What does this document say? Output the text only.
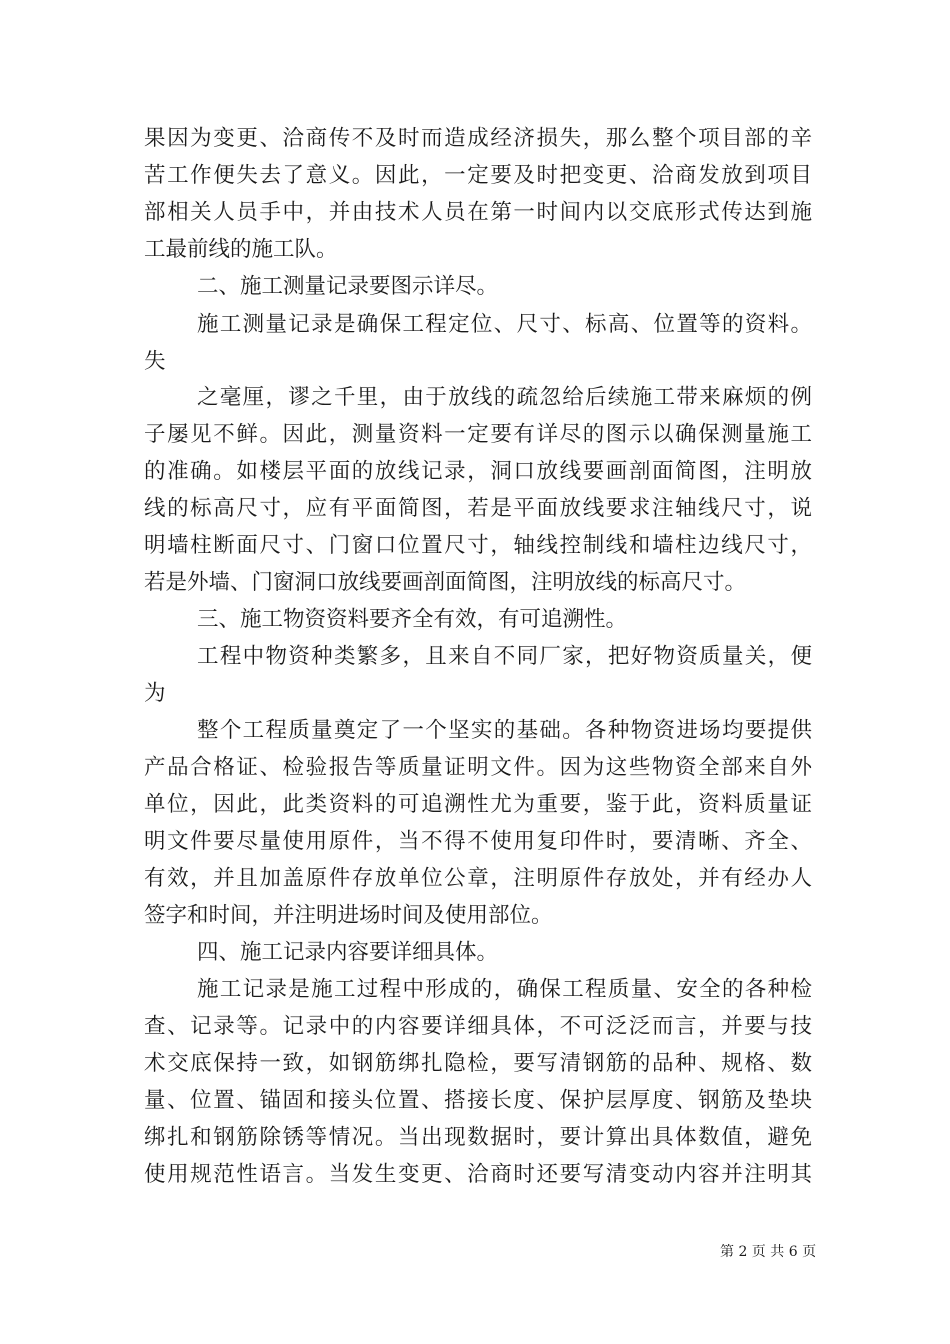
果因为变更、洽商传不及时而造成经济损失，那么整个项目部的辛
苦工作便失去了意义。因此，一定要及时把变更、洽商发放到项目
部相关人员手中，并由技术人员在第一时间内以交底形式传达到施
工最前线的施工队。
二、施工测量记录要图示详尽。
施工测量记录是确保工程定位、尺寸、标高、位置等的资料。
失
之毫厘，谬之千里，由于放线的疏忽给后续施工带来麻烦的例
子屡见不鲜。因此，测量资料一定要有详尽的图示以确保测量施工
的准确。如楼层平面的放线记录，洞口放线要画剖面简图，注明放
线的标高尺寸，应有平面简图，若是平面放线要求注轴线尺寸，说
明墙柱断面尺寸、门窗口位置尺寸，轴线控制线和墙柱边线尺寸，
若是外墙、门窗洞口放线要画剖面简图，注明放线的标高尺寸。
三、施工物资资料要齐全有效，有可追溯性。
工程中物资种类繁多，且来自不同厂家，把好物资质量关，便
为
整个工程质量奠定了一个坚实的基础。各种物资进场均要提供
产品合格证、检验报告等质量证明文件。因为这些物资全部来自外
单位，因此，此类资料的可追溯性尤为重要，鉴于此，资料质量证
明文件要尽量使用原件，当不得不使用复印件时，要清晰、齐全、
有效，并且加盖原件存放单位公章，注明原件存放处，并有经办人
签字和时间，并注明进场时间及使用部位。
四、施工记录内容要详细具体。
施工记录是施工过程中形成的，确保工程质量、安全的各种检
查、记录等。记录中的内容要详细具体，不可泛泛而言，并要与技
术交底保持一致，如钢筋绑扎隐检，要写清钢筋的品种、规格、数
量、位置、锚固和接头位置、搭接长度、保护层厚度、钢筋及垫块
绑扎和钢筋除锈等情况。当出现数据时，要计算出具体数值，避免
使用规范性语言。当发生变更、洽商时还要写清变动内容并注明其
第 2 页 共 6 页
